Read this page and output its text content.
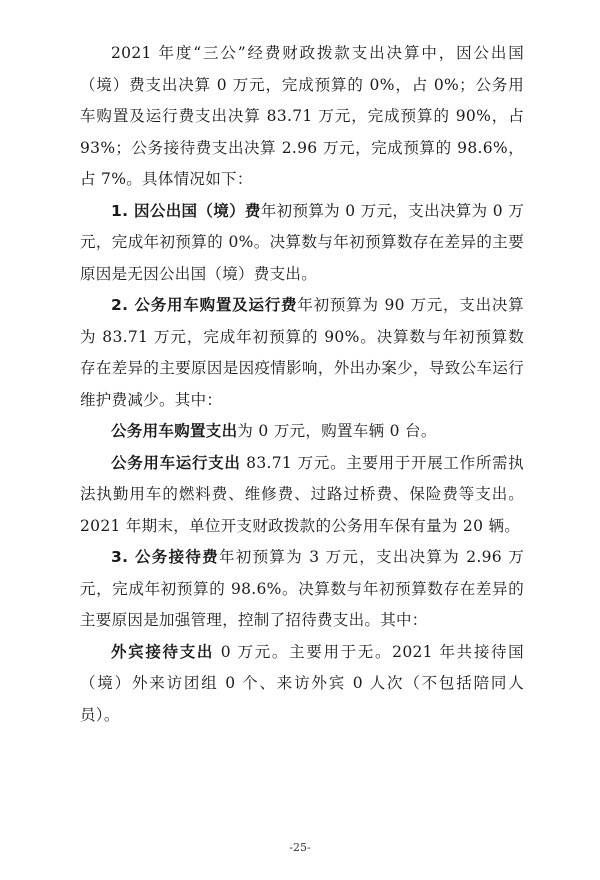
2021 年度“三公”经费财政拨款支出决算中，因公出国（境）费支出决算 0 万元，完成预算的 0%，占 0%；公务用车购置及运行费支出决算 83.71 万元，完成预算的 90%，占 93%；公务接待费支出决算 2.96 万元，完成预算的 98.6%，占 7%。具体情况如下：

1. 因公出国（境）费年初预算为 0 万元，支出决算为 0 万元，完成年初预算的 0%。决算数与年初预算数存在差异的主要原因是无因公出国（境）费支出。

2. 公务用车购置及运行费年初预算为 90 万元，支出决算为 83.71 万元，完成年初预算的 90%。决算数与年初预算数存在差异的主要原因是因疫情影响，外出办案少，导致公车运行维护费减少。其中：

公务用车购置支出为 0 万元，购置车辆 0 台。

公务用车运行支出 83.71 万元。主要用于开展工作所需执法执勤用车的燃料费、维修费、过路过桥费、保险费等支出。2021 年期末，单位开支财政拨款的公务用车保有量为 20 辆。

3. 公务接待费年初预算为 3 万元，支出决算为 2.96 万元，完成年初预算的 98.6%。决算数与年初预算数存在差异的主要原因是加强管理，控制了招待费支出。其中：

外宾接待支出 0 万元。主要用于无。2021 年共接待国（境）外来访团组 0 个、来访外宾 0 人次（不包括陪同人员）。

-25-
